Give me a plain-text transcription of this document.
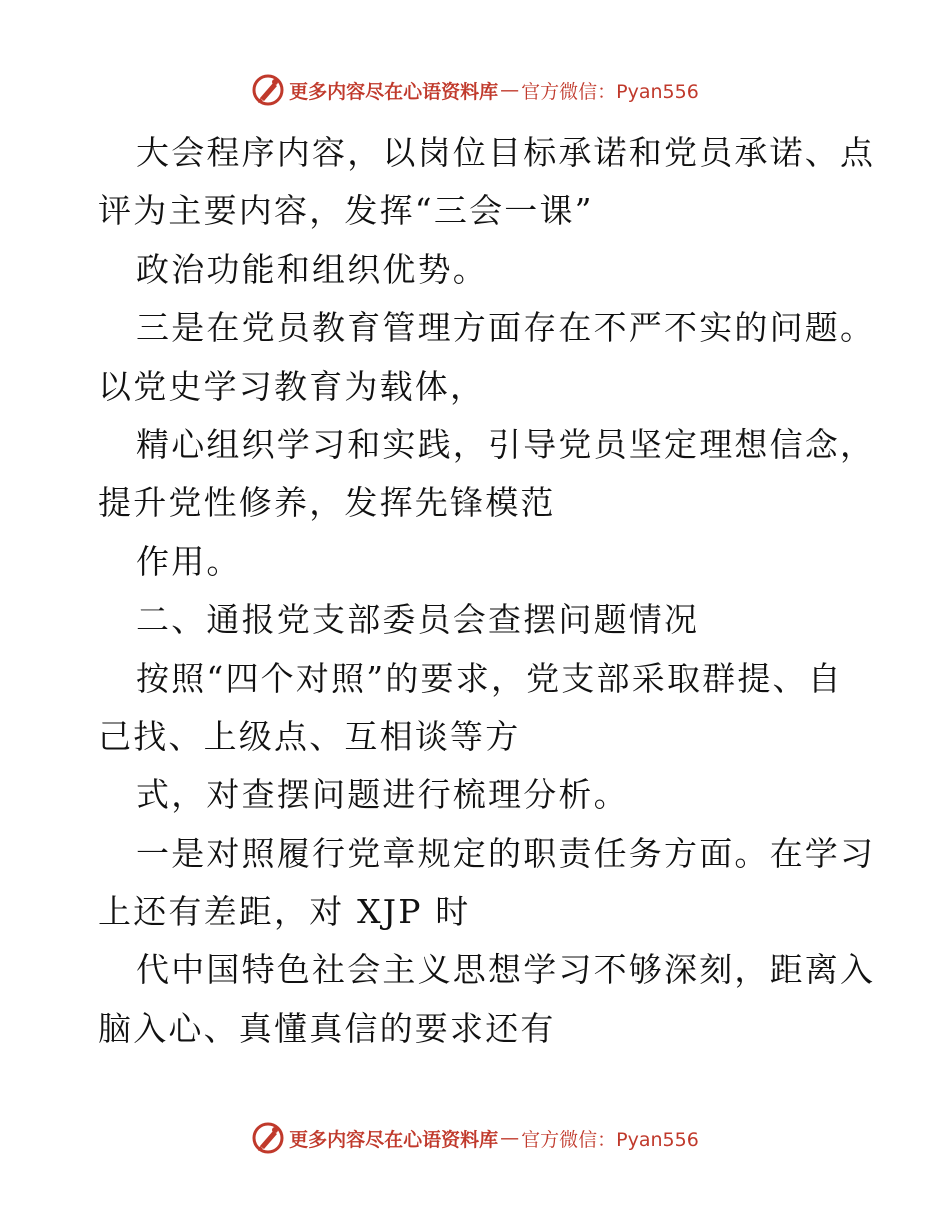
更多内容尽在心语资料库 — 官方微信：Pyan556
大会程序内容，以岗位目标承诺和党员承诺、点
评为主要内容，发挥“三会一课”
政治功能和组织优势。
三是在党员教育管理方面存在不严不实的问题。
以党史学习教育为载体，
精心组织学习和实践，引导党员坚定理想信念，
提升党性修养，发挥先锋模范
作用。
二、通报党支部委员会查摆问题情况
按照“四个对照”的要求，党支部采取群提、自
己找、上级点、互相谈等方
式，对查摆问题进行梳理分析。
一是对照履行党章规定的职责任务方面。在学习
上还有差距，对 XJP 时
代中国特色社会主义思想学习不够深刻，距离入
脑入心、真懂真信的要求还有
更多内容尽在心语资料库 — 官方微信：Pyan556
